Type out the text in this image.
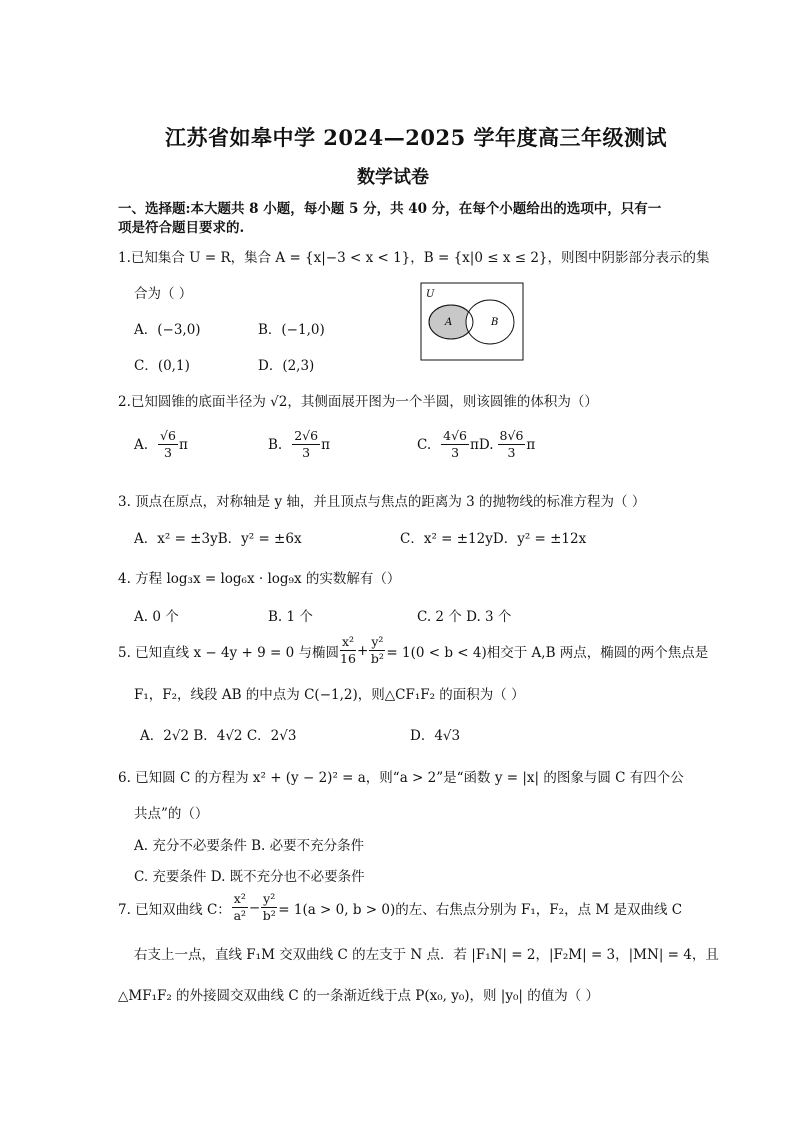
江苏省如皋中学 2024—2025 学年度高三年级测试
数学试卷
一、选择题:本大题共 8 小题，每小题 5 分，共 40 分，在每个小题给出的选项中，只有一
项是符合题目要求的.
1.已知集合 U = R，集合 A = {x|−3 < x < 1}，B = {x|0 ≤ x ≤ 2}，则图中阴影部分表示的集
合为（ ）
A．(−3,0)	B．(−1,0)
C．(0,1)	D．(2,3)
U
A	B
2.已知圆锥的底面半径为 √2，其侧面展开图为一个半圆，则该圆锥的体积为（）
A. $\frac{√6}{3}$ π	B. $\frac{2√6}{3}$ π	C. $\frac{4√6}{3} \pi D$. $\frac{8√6}{3}$ π
3. 顶点在原点，对称轴是 y 轴，并且顶点与焦点的距离为 3 的抛物线的标准方程为（ ）
A．x² = ±3yB．y² = ±6x	C．x² = ±12yD．y² = ±12x
4. 方程 log₃x = log₆x · log₉x 的实数解有（）
A. 0 个	B. 1 个	C. 2 个 D. 3 个
5. 已知直线 x − 4y + 9 = 0 与椭圆 $\frac{\text{x²}}{16} + \frac{\text{y²}}{\text{b²}} = 1(0 < b < 4)$相交于 A,B 两点，椭圆的两个焦点是
F₁，F₂，线段 AB 的中点为 C(−1,2)，则△CF₁F₂ 的面积为（ ）
A．2√2 B．4√2 C．2√3	D．4√3
6. 已知圆 C 的方程为 x² + (y − 2)² = a，则“a > 2”是“函数 y = |x| 的图象与圆 C 有四个公
共点”的（）
A. 充分不必要条件 B. 必要不充分条件
C. 充要条件 D. 既不充分也不必要条件
7. 已知双曲线 C： $\frac{\text{x²}}{\text{a²}} - \frac{\text{y²}}{\text{b²}} = 1(a > 0$, b > 0)的左、右焦点分别为 F₁，F₂，点 M 是双曲线 C
右支上一点，直线 F₁M 交双曲线 C 的左支于 N 点．若 |F₁N| = 2，|F₂M| = 3，|MN| = 4，且
△MF₁F₂ 的外接圆交双曲线 C 的一条渐近线于点 P(x₀, y₀)，则 |y₀| 的值为（ ）
